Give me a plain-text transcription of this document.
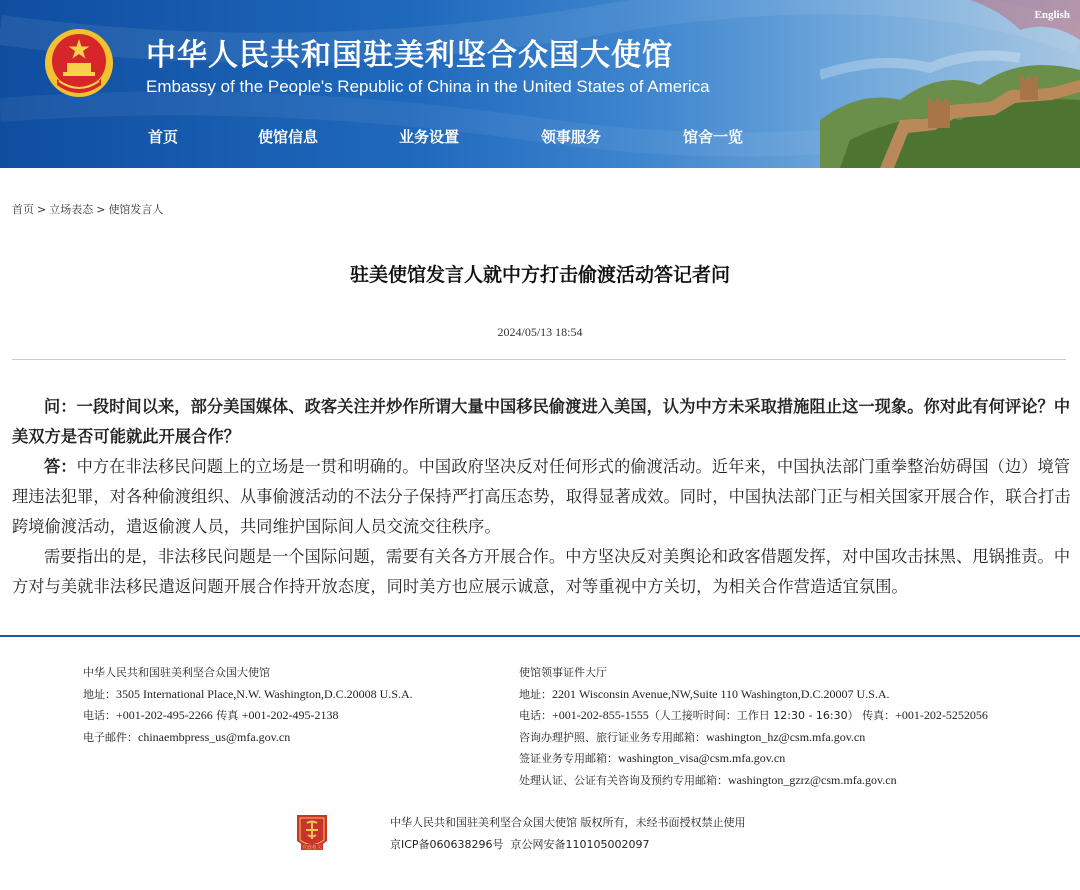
中华人民共和国驻美利坚合众国大使馆

Embassy of the People's Republic of China in the United States of America

English
首页	使馆信息	业务设置	领事服务	馆舍一览
首页 > 立场表态 > 使馆发言人
驻美使馆发言人就中方打击偷渡活动答记者问
2024/05/13 18:54

问：一段时间以来，部分美国媒体、政客关注并炒作所谓大量中国移民偷渡进入美国，认为中方未采取措施阻止这一现象。你对此有何评论？中美双方是否可能就此开展合作？

答：中方在非法移民问题上的立场是一贯和明确的。中国政府坚决反对任何形式的偷渡活动。近年来，中国执法部门重拳整治妨碍国（边）境管理违法犯罪，对各种偷渡组织、从事偷渡活动的不法分子保持严打高压态势，取得显著成效。同时，中国执法部门正与相关国家开展合作，联合打击跨境偷渡活动，遣返偷渡人员，共同维护国际间人员交流交往秩序。

需要指出的是，非法移民问题是一个国际问题，需要有关各方开展合作。中方坚决反对美舆论和政客借题发挥，对中国攻击抹黑、甩锅推责。中方对与美就非法移民遣返问题开展合作持开放态度，同时美方也应展示诚意，对等重视中方关切，为相关合作营造适宜氛围。

中华人民共和国驻美利坚合众国大使馆
地址：3505 International Place,N.W. Washington,D.C.20008 U.S.A.
电话：+001-202-495-2266 传真 +001-202-495-2138
电子邮件：chinaembpress_us@mfa.gov.cn
使馆领事证件大厅
地址：2201 Wisconsin Avenue,NW,Suite 110 Washington,D.C.20007 U.S.A.
电话：+001-202-855-1555（人工接听时间：工作日 12:30 - 16:30） 传真：+001-202-5252056
咨询办理护照、旅行证业务专用邮箱：washington_hz@csm.mfa.gov.cn
签证业务专用邮箱：washington_visa@csm.mfa.gov.cn
处理认证、公证有关咨询及预约专用邮箱：washington_gzrz@csm.mfa.gov.cn
党政机关
中华人民共和国驻美利坚合众国大使馆 版权所有，未经书面授权禁止使用
京ICP备060638296号 京公网安备110105002097
